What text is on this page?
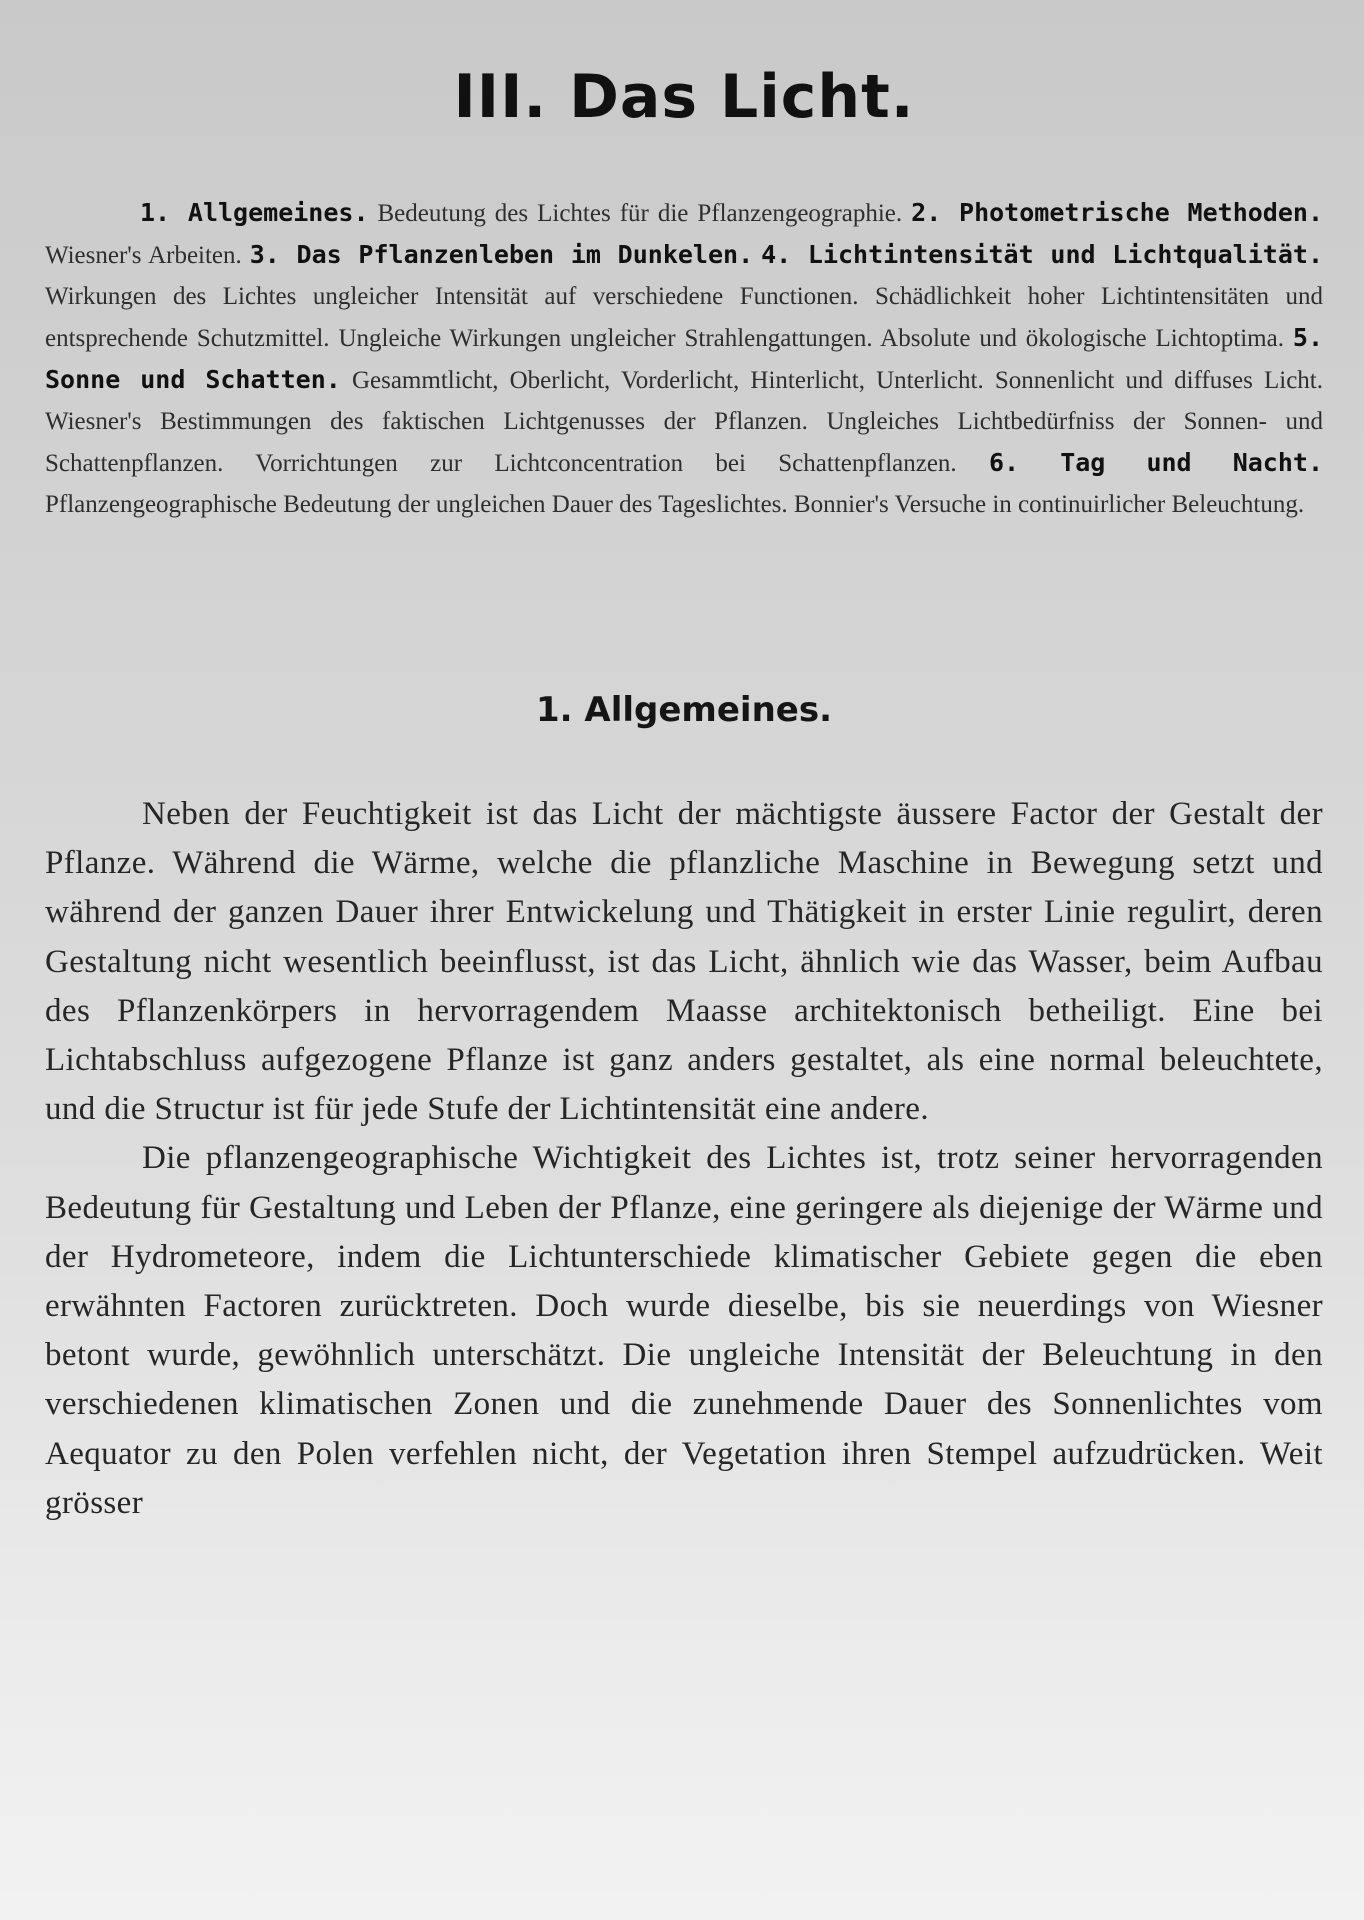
III. Das Licht.
1. Allgemeines. Bedeutung des Lichtes für die Pflanzengeographie. 2. Photometrische Methoden. Wiesner's Arbeiten. 3. Das Pflanzenleben im Dunkelen. 4. Lichtintensität und Lichtqualität. Wirkungen des Lichtes ungleicher Intensität auf verschiedene Functionen. Schädlichkeit hoher Lichtintensitäten und entsprechende Schutzmittel. Ungleiche Wirkungen ungleicher Strahlengattungen. Absolute und ökologische Lichtoptima. 5. Sonne und Schatten. Gesammtlicht, Oberlicht, Vorderlicht, Hinterlicht, Unterlicht. Sonnenlicht und diffuses Licht. Wiesner's Bestimmungen des faktischen Lichtgenusses der Pflanzen. Ungleiches Lichtbedürfniss der Sonnen- und Schattenpflanzen. Vorrichtungen zur Lichtconcentration bei Schattenpflanzen. 6. Tag und Nacht. Pflanzengeographische Bedeutung der ungleichen Dauer des Tageslichtes. Bonnier's Versuche in continuirlicher Beleuchtung.
1. Allgemeines.

Neben der Feuchtigkeit ist das Licht der mächtigste äussere Factor der Gestalt der Pflanze. Während die Wärme, welche die pflanzliche Maschine in Bewegung setzt und während der ganzen Dauer ihrer Entwickelung und Thätigkeit in erster Linie regulirt, deren Gestaltung nicht wesentlich beeinflusst, ist das Licht, ähnlich wie das Wasser, beim Aufbau des Pflanzenkörpers in hervorragendem Maasse architektonisch betheiligt. Eine bei Lichtabschluss aufgezogene Pflanze ist ganz anders gestaltet, als eine normal beleuchtete, und die Structur ist für jede Stufe der Lichtintensität eine andere.

Die pflanzengeographische Wichtigkeit des Lichtes ist, trotz seiner hervorragenden Bedeutung für Gestaltung und Leben der Pflanze, eine geringere als diejenige der Wärme und der Hydrometeore, indem die Lichtunterschiede klimatischer Gebiete gegen die eben erwähnten Factoren zurücktreten. Doch wurde dieselbe, bis sie neuerdings von Wiesner betont wurde, gewöhnlich unterschätzt. Die ungleiche Intensität der Beleuchtung in den verschiedenen klimatischen Zonen und die zunehmende Dauer des Sonnenlichtes vom Aequator zu den Polen verfehlen nicht, der Vegetation ihren Stempel aufzudrücken. Weit grösser
